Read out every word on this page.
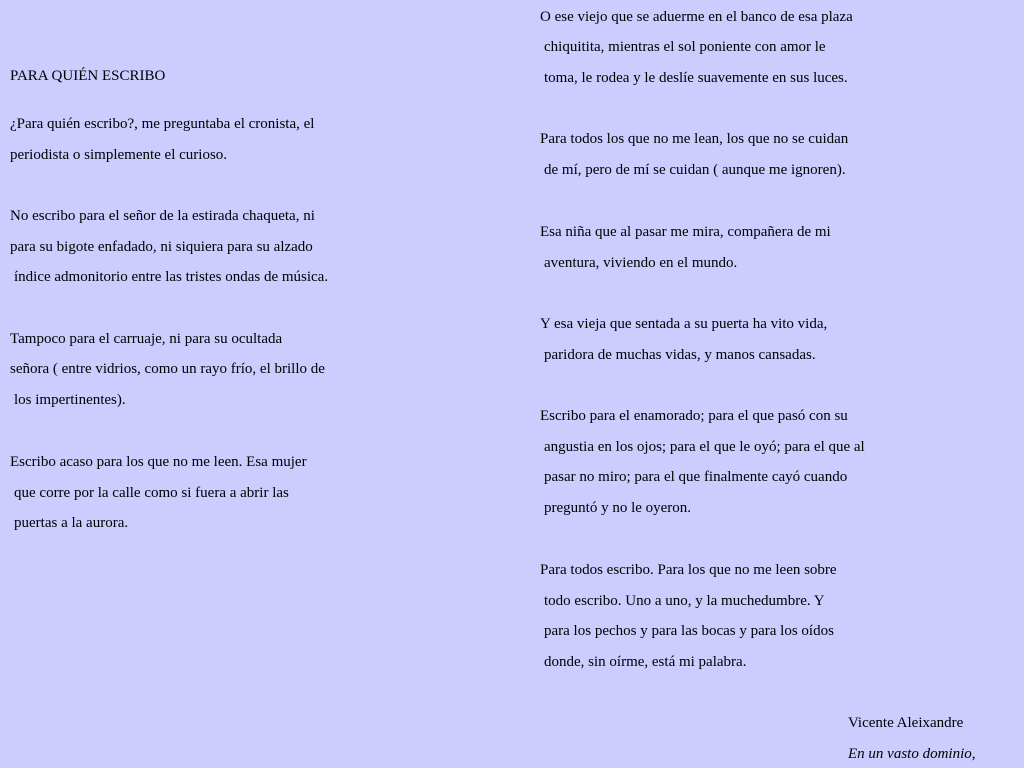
PARA QUIÉN ESCRIBO
¿Para quién escribo?, me preguntaba el cronista, el
periodista o simplemente el curioso.
No escribo para el señor de la estirada chaqueta, ni
para su bigote enfadado, ni siquiera para su alzado
índice admonitorio entre las tristes ondas de música.
Tampoco para el carruaje, ni para su ocultada
señora ( entre vidrios, como un rayo frío, el brillo de
los impertinentes).
Escribo acaso para los que no me leen. Esa mujer
que corre por la calle como si fuera a abrir las
puertas a la aurora.
O ese viejo que se aduerme en el banco de esa plaza
chiquitita, mientras el sol poniente con amor le
toma, le rodea y le deslíe suavemente en sus luces.
Para todos los que no me lean, los que no se cuidan
de mí, pero de mí se cuidan ( aunque me ignoren).
Esa niña que al pasar me mira, compañera de mi
aventura, viviendo en el mundo.
Y esa vieja que sentada a su puerta ha vito vida,
paridora de muchas vidas, y manos cansadas.
Escribo para el enamorado; para el que pasó con su
angustia en los ojos; para el que le oyó; para el que al
pasar no miro; para el que finalmente cayó cuando
preguntó y no le oyeron.
Para todos escribo. Para los que no me leen sobre
todo escribo. Uno a uno, y la muchedumbre. Y
para los pechos y para las bocas y para los oídos
donde, sin oírme, está mi palabra.
Vicente Aleixandre
En un vasto dominio,
